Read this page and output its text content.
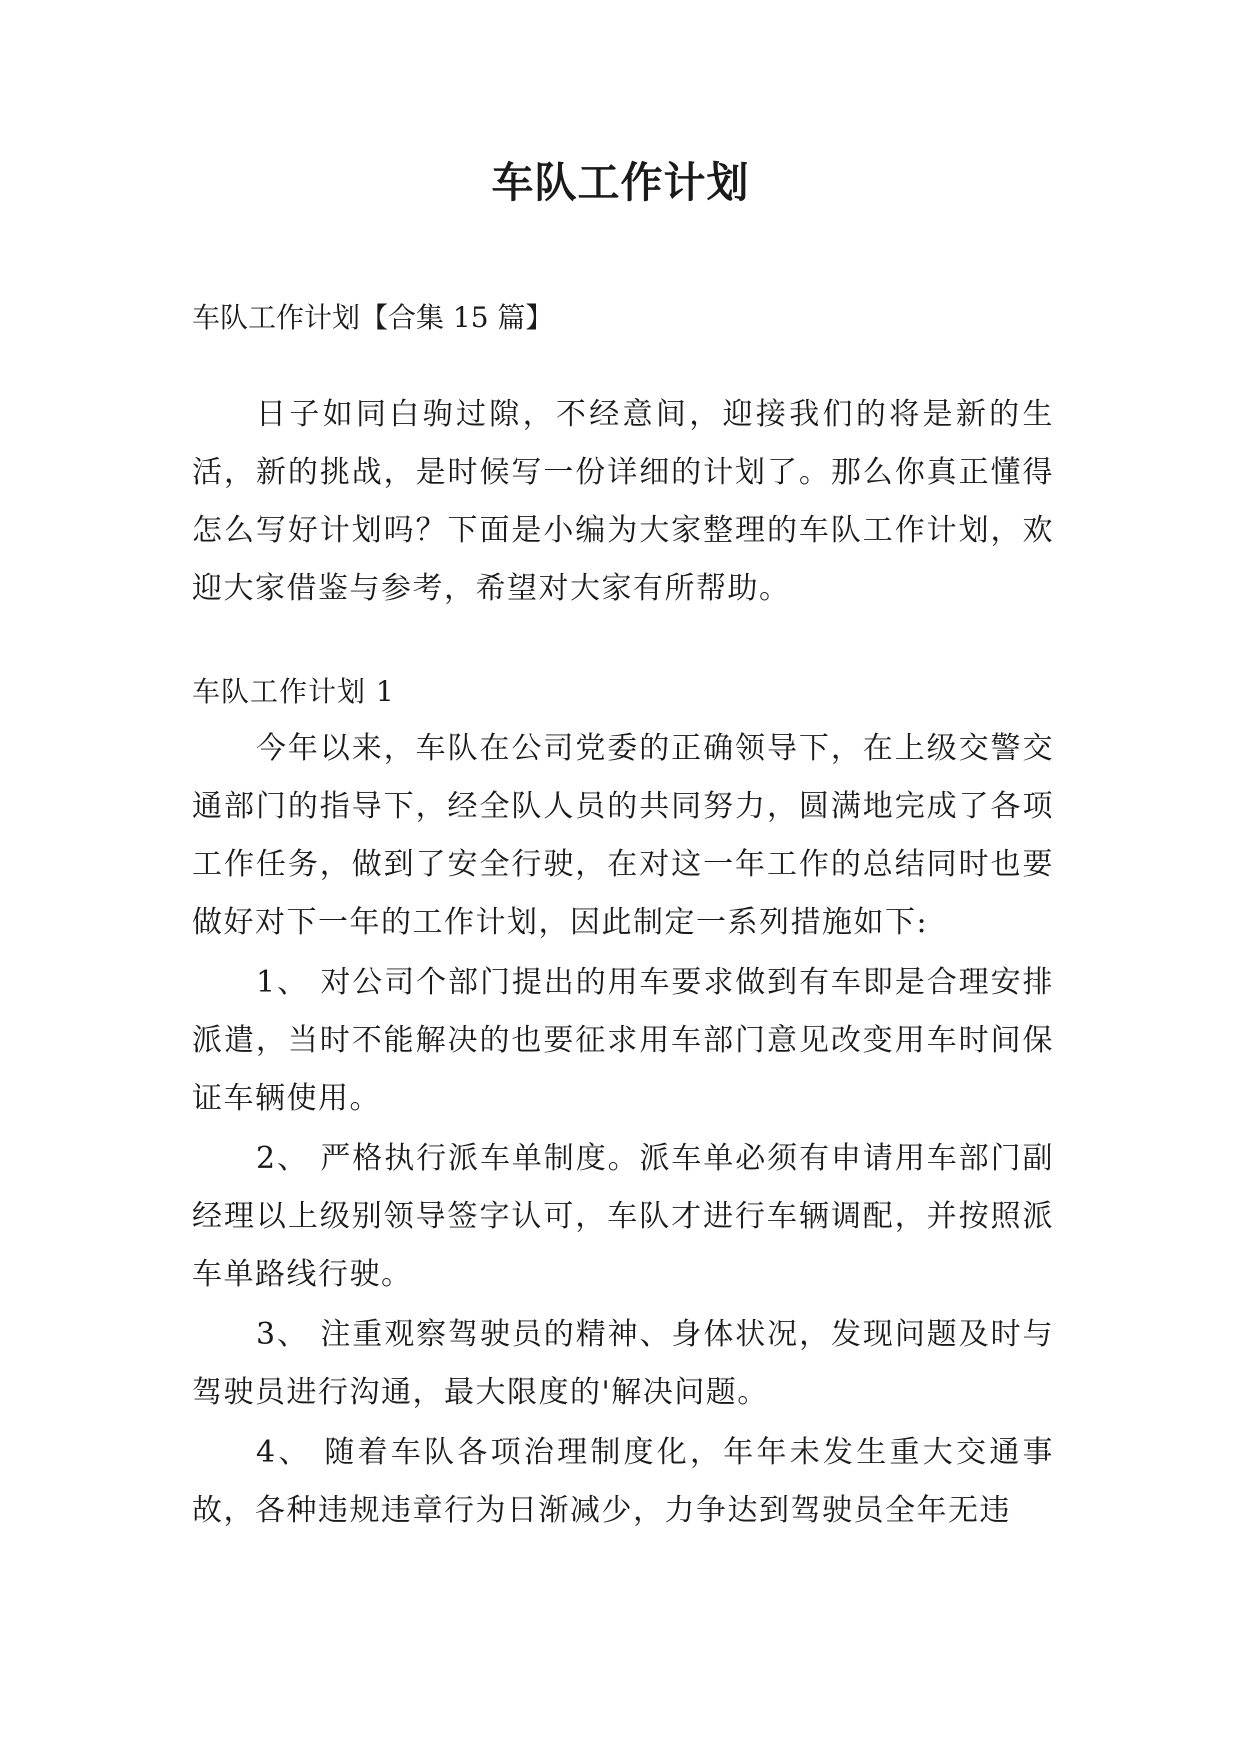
车队工作计划
车队工作计划【合集 15 篇】

日子如同白驹过隙，不经意间，迎接我们的将是新的生活，新的挑战，是时候写一份详细的计划了。那么你真正懂得怎么写好计划吗？下面是小编为大家整理的车队工作计划，欢迎大家借鉴与参考，希望对大家有所帮助。

车队工作计划 1

今年以来，车队在公司党委的正确领导下，在上级交警交通部门的指导下，经全队人员的共同努力，圆满地完成了各项工作任务，做到了安全行驶，在对这一年工作的总结同时也要做好对下一年的工作计划，因此制定一系列措施如下:

1、 对公司个部门提出的用车要求做到有车即是合理安排派遣，当时不能解决的也要征求用车部门意见改变用车时间保证车辆使用。

2、 严格执行派车单制度。派车单必须有申请用车部门副经理以上级别领导签字认可，车队才进行车辆调配，并按照派车单路线行驶。

3、 注重观察驾驶员的精神、身体状况，发现问题及时与驾驶员进行沟通，最大限度的'解决问题。

4、 随着车队各项治理制度化，年年未发生重大交通事故，各种违规违章行为日渐减少，力争达到驾驶员全年无违
